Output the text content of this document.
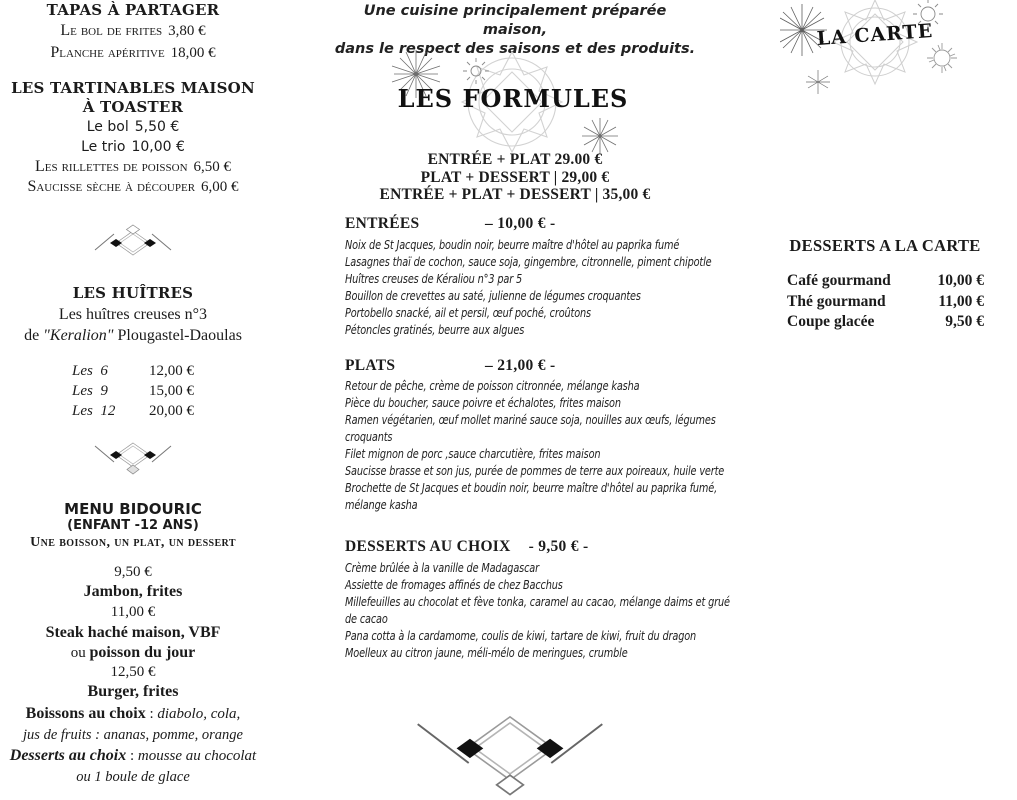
TAPAS À PARTAGER
Le bol de frites 3,80 €
Planche apéritive 18,00 €
LES TARTINABLES MAISON
À TOASTER
Le bol 5,50 €
Le trio 10,00 €
Les rillettes de poisson 6,50 €
Saucisse sèche à découper 6,00 €
LES HUÎTRES
Les huîtres creuses n°3
de "Keralion" Plougastel-Daoulas
Les  6	12,00 €
Les  9	15,00 €
Les  12 20,00 €
MENU BIDOURIC
(ENFANT -12 ANS)
Une boisson, un plat, un dessert
9,50 €
Jambon, frites
11,00 €
Steak haché maison, VBF
ou poisson du jour
12,50 €
Burger, frites
Boissons au choix : diabolo, cola,
jus de fruits : ananas, pomme, orange
Desserts au choix : mousse au chocolat
ou 1 boule de glace
Une cuisine principalement préparée maison,
dans le respect des saisons et des produits.
LES FORMULES
ENTRÉE + PLAT 29.00 €
PLAT + DESSERT | 29,00 €
ENTRÉE + PLAT + DESSERT | 35,00 €
ENTRÉES	– 10,00 € -
Noix de St Jacques, boudin noir, beurre maître d'hôtel au paprika fumé
Lasagnes thaï de cochon, sauce soja, gingembre, citronnelle, piment chipotle
Huîtres creuses de Kéraliou n°3 par 5
Bouillon de crevettes au saté, julienne de légumes croquantes
Portobello snacké, ail et persil, œuf poché, croûtons
Pétoncles gratinés, beurre aux algues
PLATS	– 21,00 € -
Retour de pêche, crème de poisson citronnée, mélange kasha
Pièce du boucher, sauce poivre et échalotes, frites maison
Ramen végétarien, œuf mollet mariné sauce soja, nouilles aux œufs, légumes croquants
Filet mignon de porc ,sauce charcutière, frites maison
Saucisse brasse et son jus, purée de pommes de terre aux poireaux, huile verte
Brochette de St Jacques et boudin noir, beurre maître d'hôtel au paprika fumé, mélange kasha
DESSERTS AU CHOIX - 9,50 € -
Crème brûlée à la vanille de Madagascar
Assiette de fromages affinés de chez Bacchus
Millefeuilles au chocolat et fève tonka, caramel au cacao, mélange daims et grué de cacao
Pana cotta à la cardamome, coulis de kiwi, tartare de kiwi, fruit du dragon
Moelleux au citron jaune, méli-mélo de meringues, crumble
LA CARTE
DESSERTS A LA CARTE
Café gourmand	10,00 €
Thé gourmand	11,00 €
Coupe glacée	9,50 €
